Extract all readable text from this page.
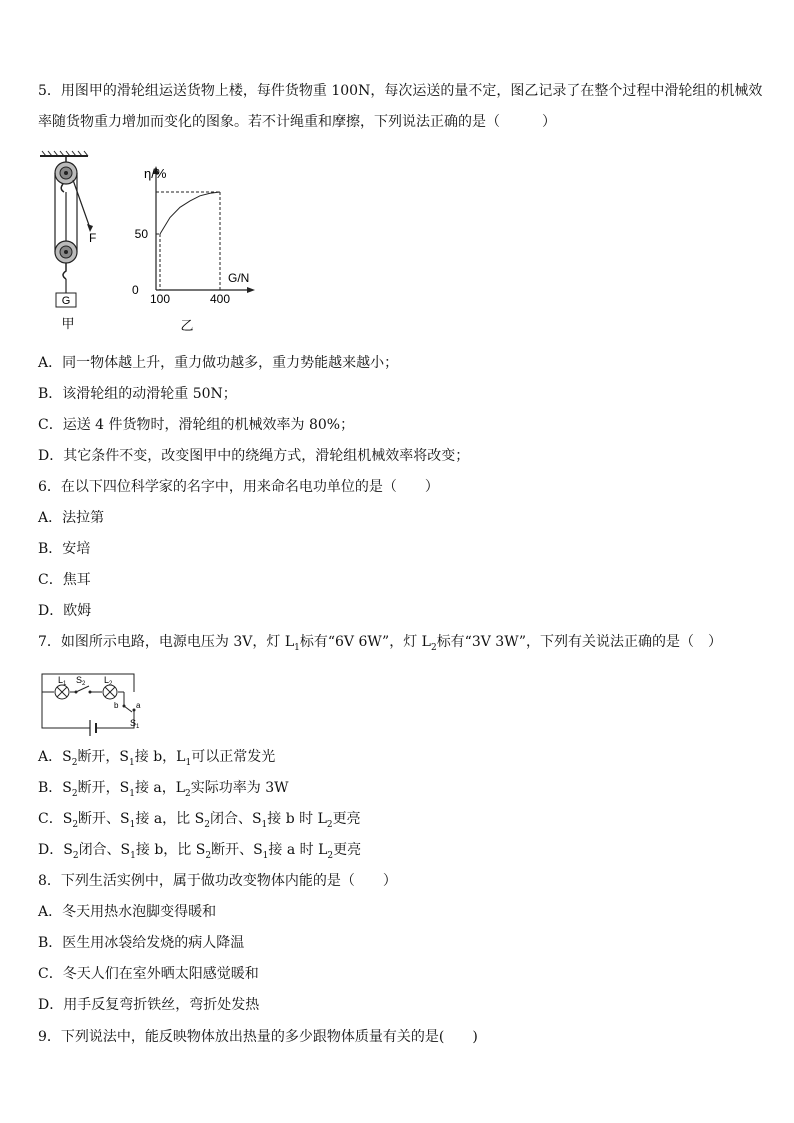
5．用图甲的滑轮组运送货物上楼，每件货物重 100N，每次运送的量不定，图乙记录了在整个过程中滑轮组的机械效
率随货物重力增加而变化的图象。若不计绳重和摩擦，下列说法正确的是（　　　）
F
G
甲
η/%
G/N
0
100	400
50
乙
A．同一物体越上升，重力做功越多，重力势能越来越小；
B．该滑轮组的动滑轮重 50N；
C．运送 4 件货物时，滑轮组的机械效率为 80%；
D．其它条件不变，改变图甲中的绕绳方式，滑轮组机械效率将改变；
6．在以下四位科学家的名字中，用来命名电功单位的是（　　）
A．法拉第
B．安培
C．焦耳
D．欧姆
7．如图所示电路，电源电压为 3V，灯 $L_1$标有“6V 6W”，灯 $L_2$标有“3V 3W”，下列有关说法正确的是（　）
$L_1$ $S_2$ $L_2$
b a
$S_1$
A．$S_2$断开，$S_1$接 b，$L_1$可以正常发光
B．$S_2$断开，$S_1$接 a，$L_2$实际功率为 3W
C．$S_2$断开、$S_1$接 a，比 $S_2$闭合、$S_1$接 b 时 $L_2$更亮
D．$S_2$闭合、$S_1$接 b，比 $S_2$断开、$S_1$接 a 时 $L_2$更亮
8．下列生活实例中，属于做功改变物体内能的是（　　）
A．冬天用热水泡脚变得暖和
B．医生用冰袋给发烧的病人降温
C．冬天人们在室外晒太阳感觉暖和
D．用手反复弯折铁丝，弯折处发热
9．下列说法中，能反映物体放出热量的多少跟物体质量有关的是(　　)
